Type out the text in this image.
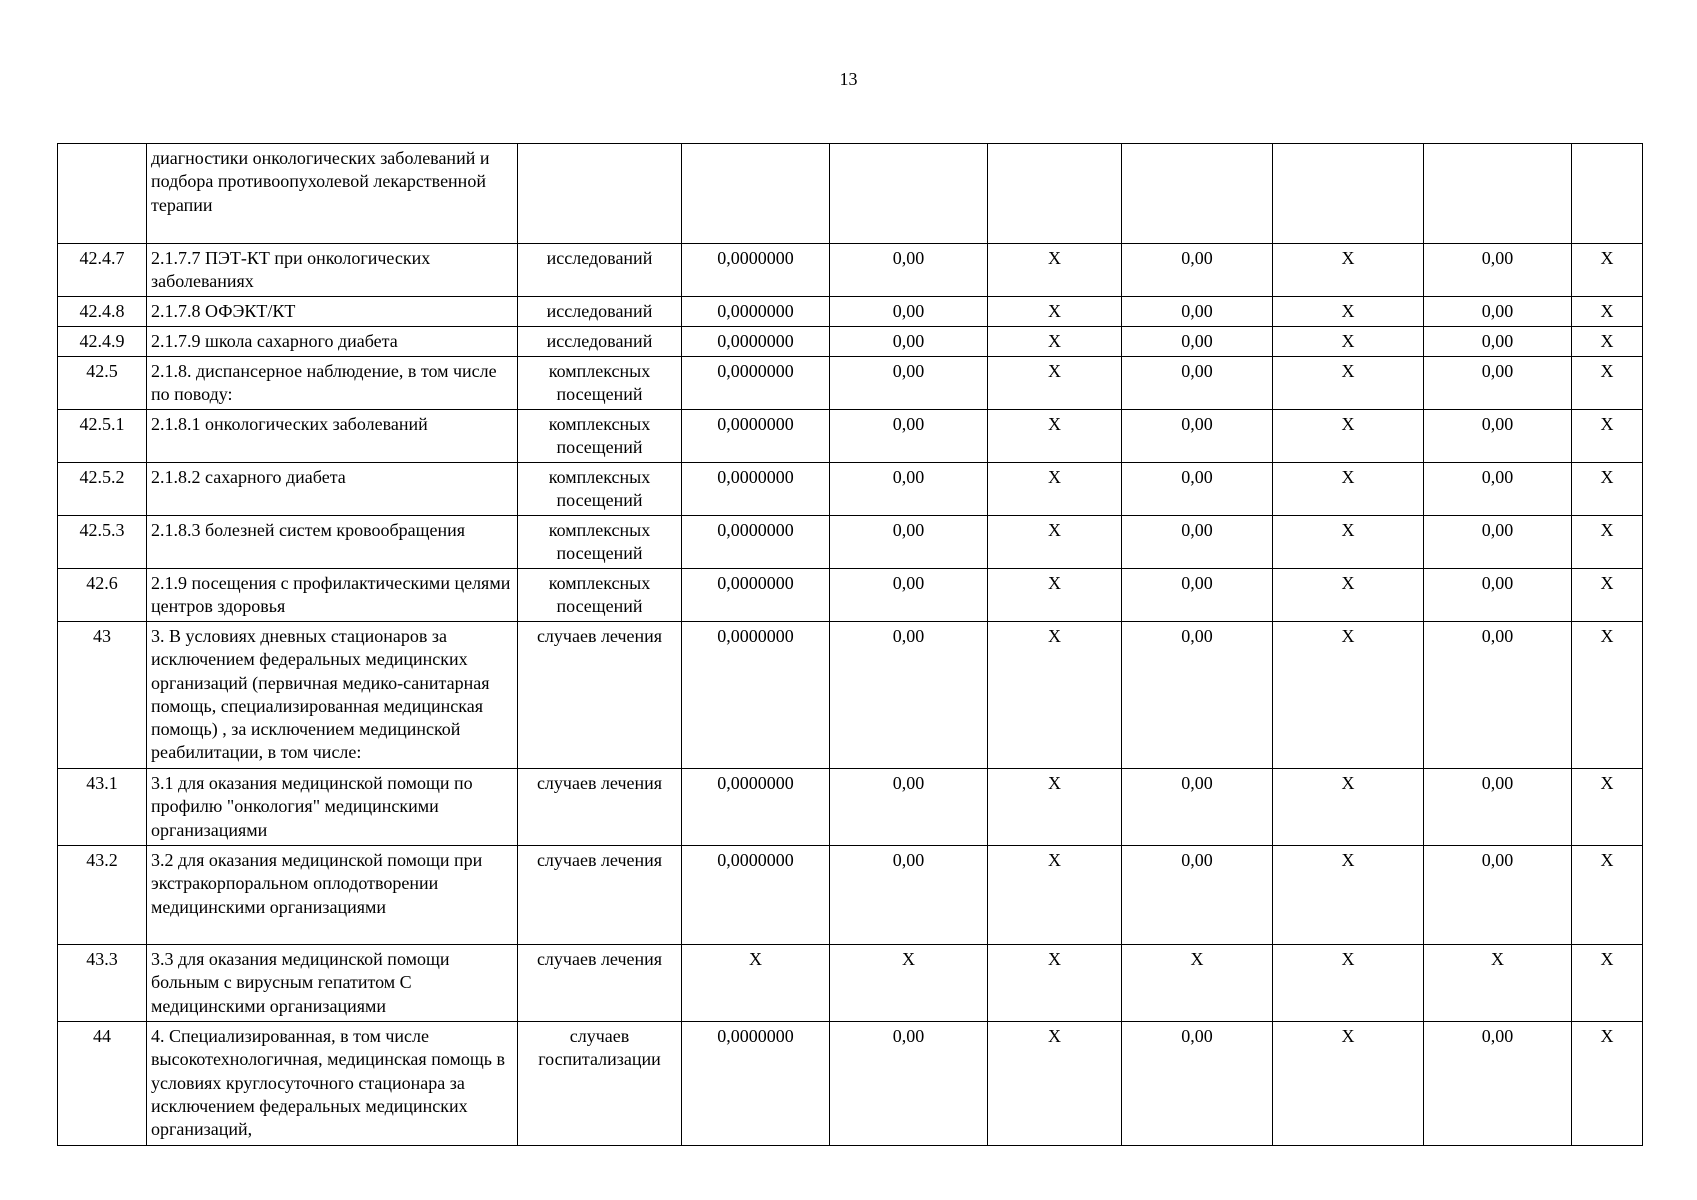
13
	диагностики онкологических заболеваний и подбора противоопухолевой лекарственной терапии								
42.4.7	2.1.7.7 ПЭТ-КТ при онкологических заболеваниях	исследований	0,0000000	0,00	Х	0,00	Х	0,00	Х
42.4.8	2.1.7.8 ОФЭКТ/КТ	исследований	0,0000000	0,00	Х	0,00	Х	0,00	Х
42.4.9	2.1.7.9 школа сахарного диабета	исследований	0,0000000	0,00	Х	0,00	Х	0,00	Х
42.5	2.1.8. диспансерное наблюдение, в том числе по поводу:	комплексных посещений	0,0000000	0,00	Х	0,00	Х	0,00	Х
42.5.1	2.1.8.1 онкологических заболеваний	комплексных посещений	0,0000000	0,00	Х	0,00	Х	0,00	Х
42.5.2	2.1.8.2 сахарного диабета	комплексных посещений	0,0000000	0,00	Х	0,00	Х	0,00	Х
42.5.3	2.1.8.3 болезней систем кровообращения	комплексных посещений	0,0000000	0,00	Х	0,00	Х	0,00	Х
42.6	2.1.9 посещения с профилактическими целями центров здоровья	комплексных посещений	0,0000000	0,00	Х	0,00	Х	0,00	Х
43	3. В условиях дневных стационаров за исключением федеральных медицинских организаций (первичная медико-санитарная помощь, специализированная медицинская помощь) , за исключением медицинской реабилитации, в том числе:	случаев лечения	0,0000000	0,00	Х	0,00	Х	0,00	Х
43.1	3.1 для оказания медицинской помощи по профилю "онкология" медицинскими организациями	случаев лечения	0,0000000	0,00	Х	0,00	Х	0,00	Х
43.2	3.2 для оказания медицинской помощи при экстракорпоральном оплодотворении медицинскими организациями	случаев лечения	0,0000000	0,00	Х	0,00	Х	0,00	Х
43.3	3.3 для оказания медицинской помощи больным с вирусным гепатитом С медицинскими организациями	случаев лечения	Х	Х	Х	Х	Х	Х	Х
44	4. Специализированная, в том числе высокотехнологичная, медицинская помощь в условиях круглосуточного стационара за исключением федеральных медицинских организаций,	случаев госпитализации	0,0000000	0,00	Х	0,00	Х	0,00	Х
